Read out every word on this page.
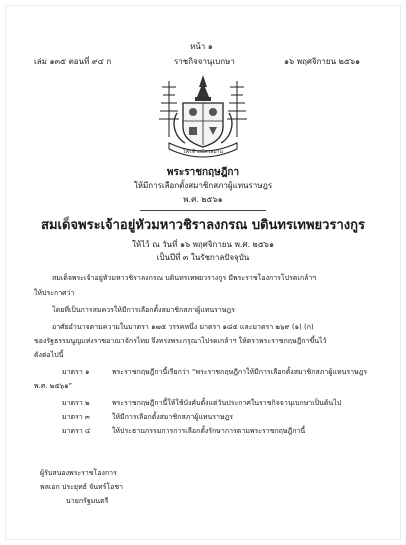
หน้า ๑
เล่ม ๑๓๕ ตอนที่ ๙๔ ก	ราชกิจจานุเบกษา	๑๖ พฤศจิกายน ๒๕๖๑
ไพร่ฟ้าสมัครสมาน
พระราชกฤษฎีกา
ให้มีการเลือกตั้งสมาชิกสภาผู้แทนราษฎร
พ.ศ. ๒๕๖๑
สมเด็จพระเจ้าอยู่หัวมหาวชิราลงกรณ บดินทรเทพยวรางกูร
ให้ไว้ ณ วันที่ ๑๖ พฤศจิกายน พ.ศ. ๒๕๖๑
เป็นปีที่ ๓ ในรัชกาลปัจจุบัน
สมเด็จพระเจ้าอยู่หัวมหาวชิราลงกรณ บดินทรเทพยวรางกูร มีพระราชโองการโปรดเกล้าฯ
ให้ประกาศว่า
โดยที่เป็นการสมควรให้มีการเลือกตั้งสมาชิกสภาผู้แทนราษฎร
อาศัยอำนาจตามความในมาตรา ๑๗๕ วรรคหนึ่ง มาตรา ๑๘๕ และมาตรา ๒๖๙ (๑) (ก)
ของรัฐธรรมนูญแห่งราชอาณาจักรไทย จึงทรงพระกรุณาโปรดเกล้าฯ ให้ตราพระราชกฤษฎีกาขึ้นไว้
ดังต่อไปนี้
มาตรา ๑	พระราชกฤษฎีกานี้เรียกว่า “พระราชกฤษฎีกาให้มีการเลือกตั้งสมาชิกสภาผู้แทนราษฎร
พ.ศ. ๒๕๖๑”
มาตรา ๒	พระราชกฤษฎีกานี้ให้ใช้บังคับตั้งแต่วันประกาศในราชกิจจานุเบกษาเป็นต้นไป
มาตรา ๓	ให้มีการเลือกตั้งสมาชิกสภาผู้แทนราษฎร
มาตรา ๔	ให้ประธานกรรมการการเลือกตั้งรักษาการตามพระราชกฤษฎีกานี้
ผู้รับสนองพระราชโองการ
พลเอก ประยุทธ์ จันทร์โอชา
นายกรัฐมนตรี
